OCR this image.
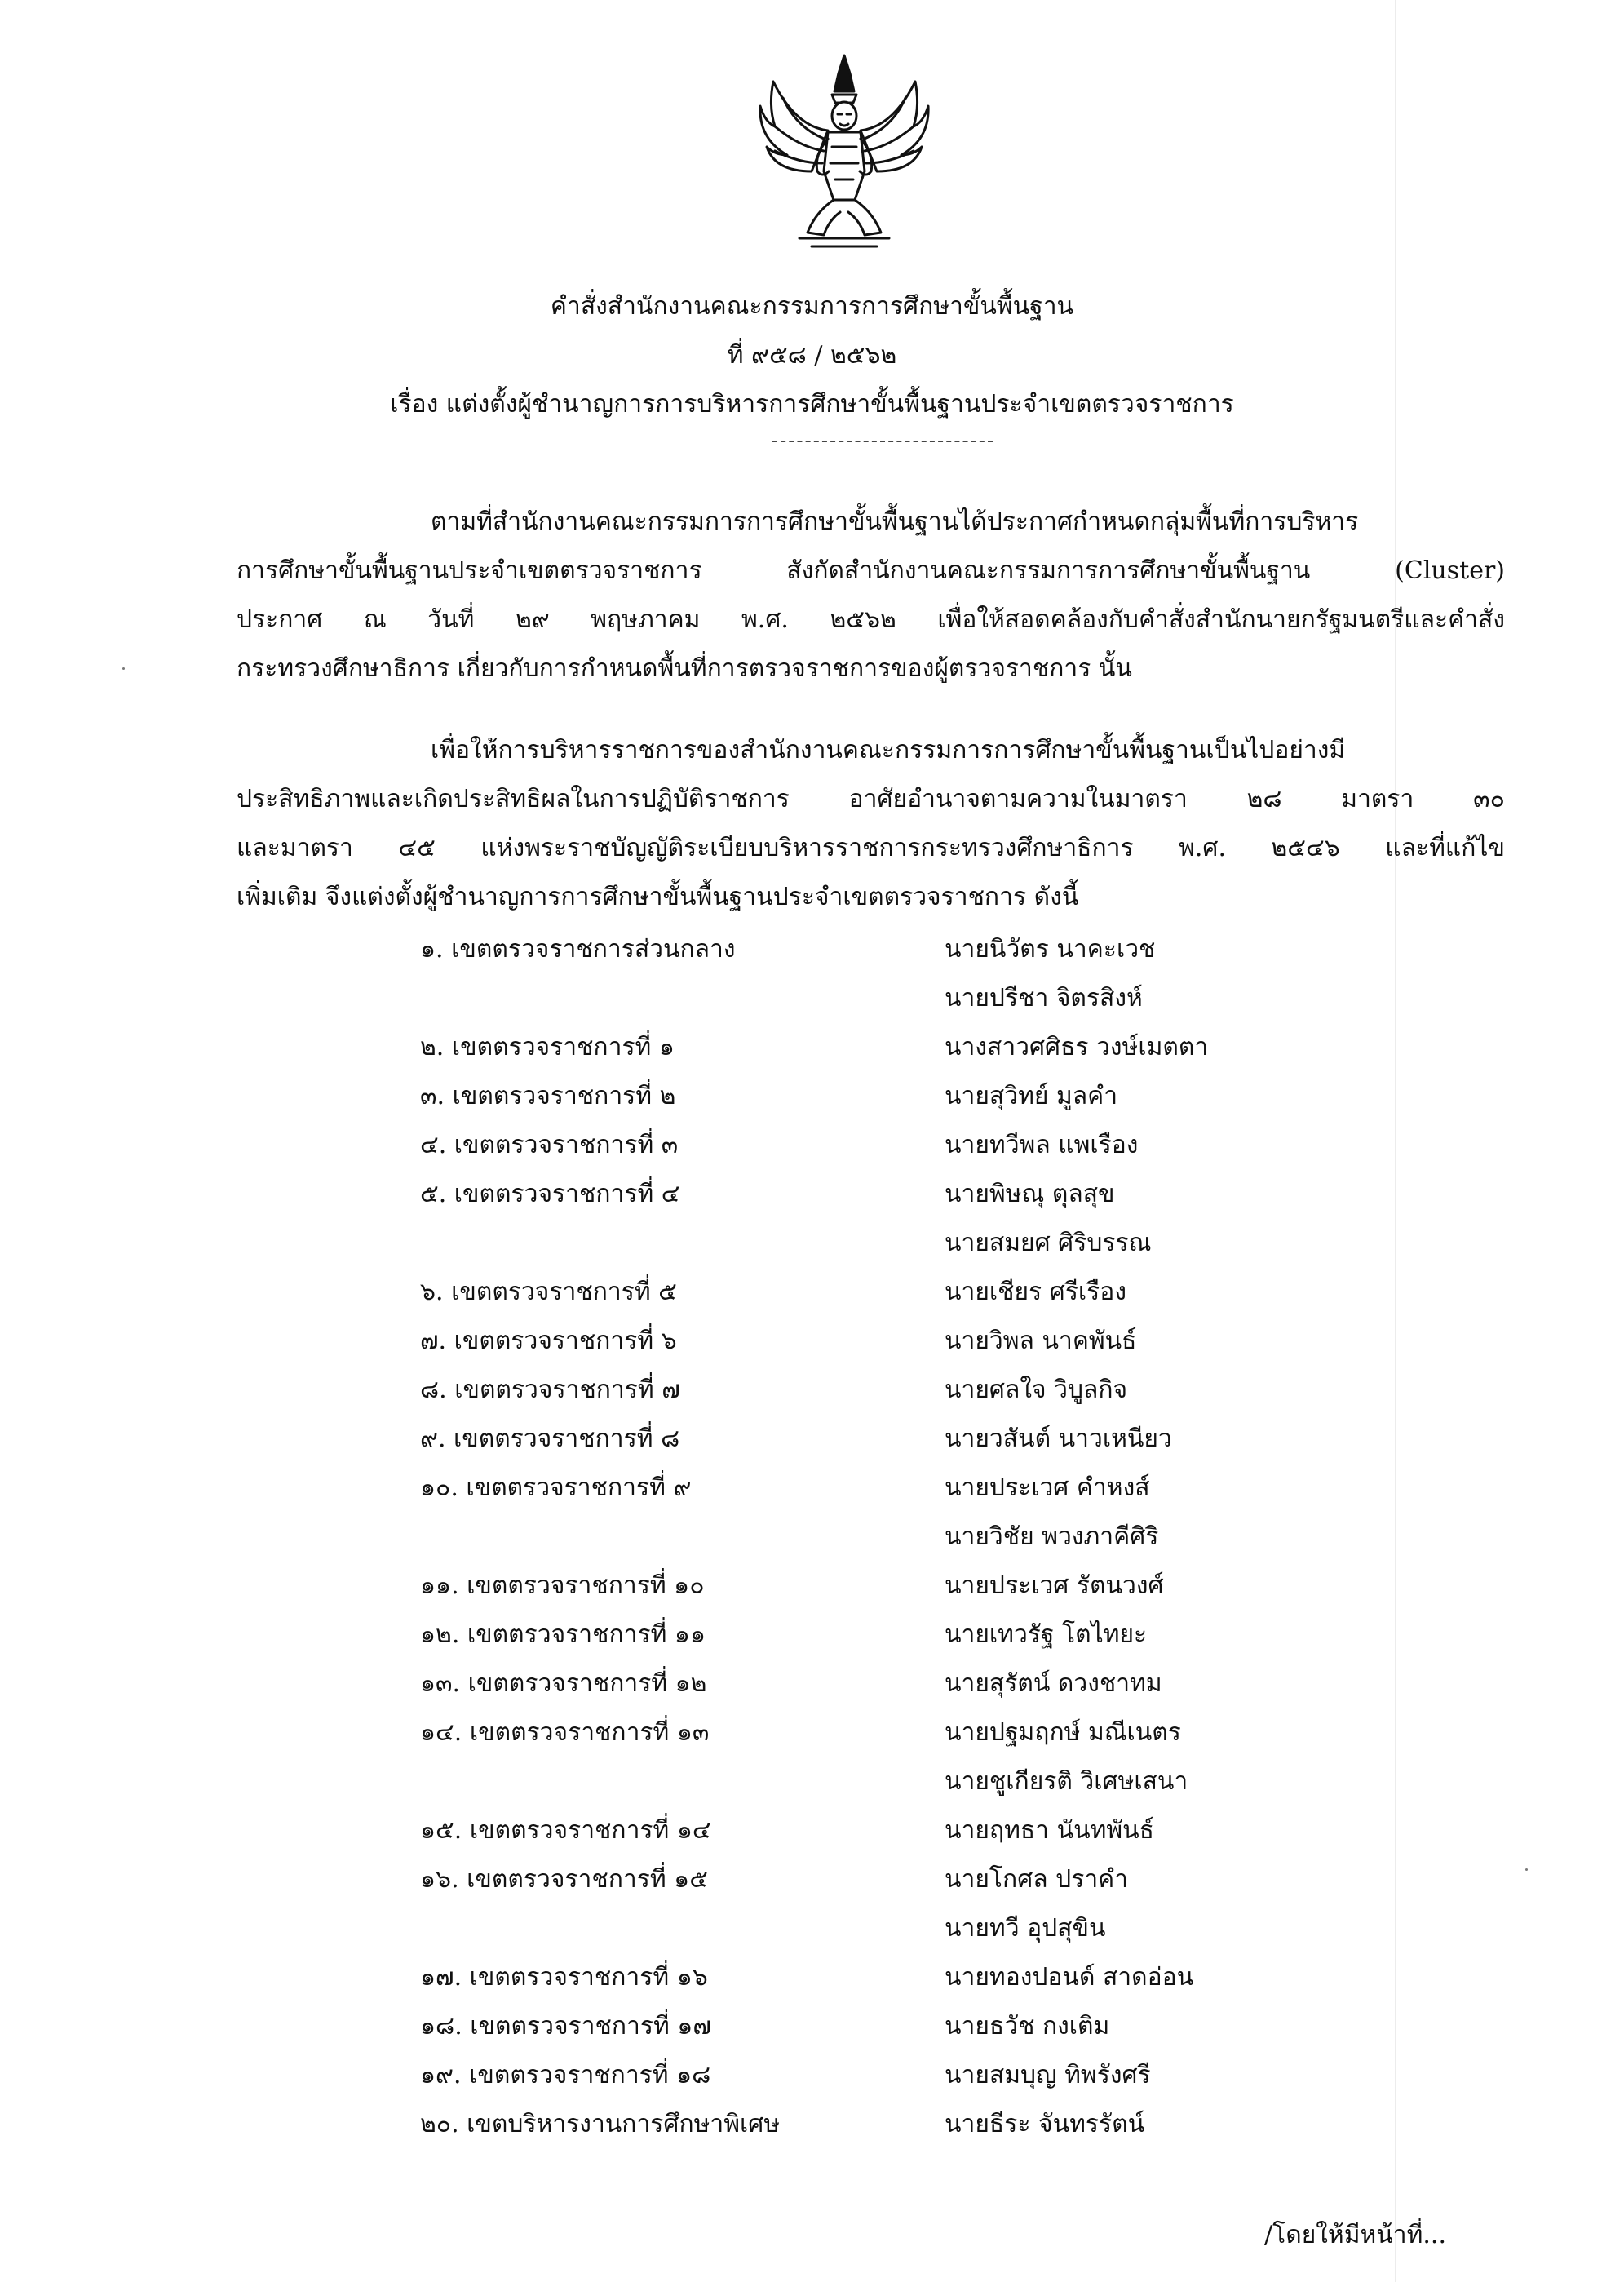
คำสั่งสำนักงานคณะกรรมการการศึกษาขั้นพื้นฐาน
ที่ ๙๕๘ / ๒๕๖๒
เรื่อง แต่งตั้งผู้ชำนาญการการบริหารการศึกษาขั้นพื้นฐานประจำเขตตรวจราชการ
ตามที่สำนักงานคณะกรรมการการศึกษาขั้นพื้นฐานได้ประกาศกำหนดกลุ่มพื้นที่การบริหาร
การศึกษาขั้นพื้นฐานประจำเขตตรวจราชการ สังกัดสำนักงานคณะกรรมการการศึกษาขั้นพื้นฐาน (Cluster)
ประกาศ ณ วันที่ ๒๙ พฤษภาคม พ.ศ. ๒๕๖๒ เพื่อให้สอดคล้องกับคำสั่งสำนักนายกรัฐมนตรีและคำสั่ง
กระทรวงศึกษาธิการ เกี่ยวกับการกำหนดพื้นที่การตรวจราชการของผู้ตรวจราชการ นั้น
เพื่อให้การบริหารราชการของสำนักงานคณะกรรมการการศึกษาขั้นพื้นฐานเป็นไปอย่างมี
ประสิทธิภาพและเกิดประสิทธิผลในการปฏิบัติราชการ อาศัยอำนาจตามความในมาตรา ๒๘ มาตรา ๓๐
และมาตรา ๔๕ แห่งพระราชบัญญัติระเบียบบริหารราชการกระทรวงศึกษาธิการ พ.ศ. ๒๕๔๖ และที่แก้ไข
เพิ่มเติม จึงแต่งตั้งผู้ชำนาญการการศึกษาขั้นพื้นฐานประจำเขตตรวจราชการ ดังนี้
๑. เขตตรวจราชการส่วนกลาง	นายนิวัตร นาคะเวช
นายปรีชา จิตรสิงห์
๒. เขตตรวจราชการที่ ๑	นางสาวศศิธร วงษ์เมตตา
๓. เขตตรวจราชการที่ ๒	นายสุวิทย์ มูลคำ
๔. เขตตรวจราชการที่ ๓	นายทวีพล แพเรือง
๕. เขตตรวจราชการที่ ๔	นายพิษณุ ตุลสุข
นายสมยศ ศิริบรรณ
๖. เขตตรวจราชการที่ ๕	นายเชียร ศรีเรือง
๗. เขตตรวจราชการที่ ๖	นายวิพล นาคพันธ์
๘. เขตตรวจราชการที่ ๗	นายศลใจ วิบูลกิจ
๙. เขตตรวจราชการที่ ๘	นายวสันต์ นาวเหนียว
๑๐. เขตตรวจราชการที่ ๙	นายประเวศ คำหงส์
นายวิชัย พวงภาคีศิริ
๑๑. เขตตรวจราชการที่ ๑๐	นายประเวศ รัตนวงศ์
๑๒. เขตตรวจราชการที่ ๑๑	นายเทวรัฐ โตไทยะ
๑๓. เขตตรวจราชการที่ ๑๒	นายสุรัตน์ ดวงชาทม
๑๔. เขตตรวจราชการที่ ๑๓	นายปฐมฤกษ์ มณีเนตร
นายชูเกียรติ วิเศษเสนา
๑๕. เขตตรวจราชการที่ ๑๔	นายฤทธา นันทพันธ์
๑๖. เขตตรวจราชการที่ ๑๕	นายโกศล ปราคำ
นายทวี อุปสุขิน
๑๗. เขตตรวจราชการที่ ๑๖	นายทองปอนด์ สาดอ่อน
๑๘. เขตตรวจราชการที่ ๑๗	นายธวัช กงเติม
๑๙. เขตตรวจราชการที่ ๑๘	นายสมบุญ ทิพรังศรี
๒๐. เขตบริหารงานการศึกษาพิเศษ	นายธีระ จันทรรัตน์
/โดยให้มีหน้าที่...
